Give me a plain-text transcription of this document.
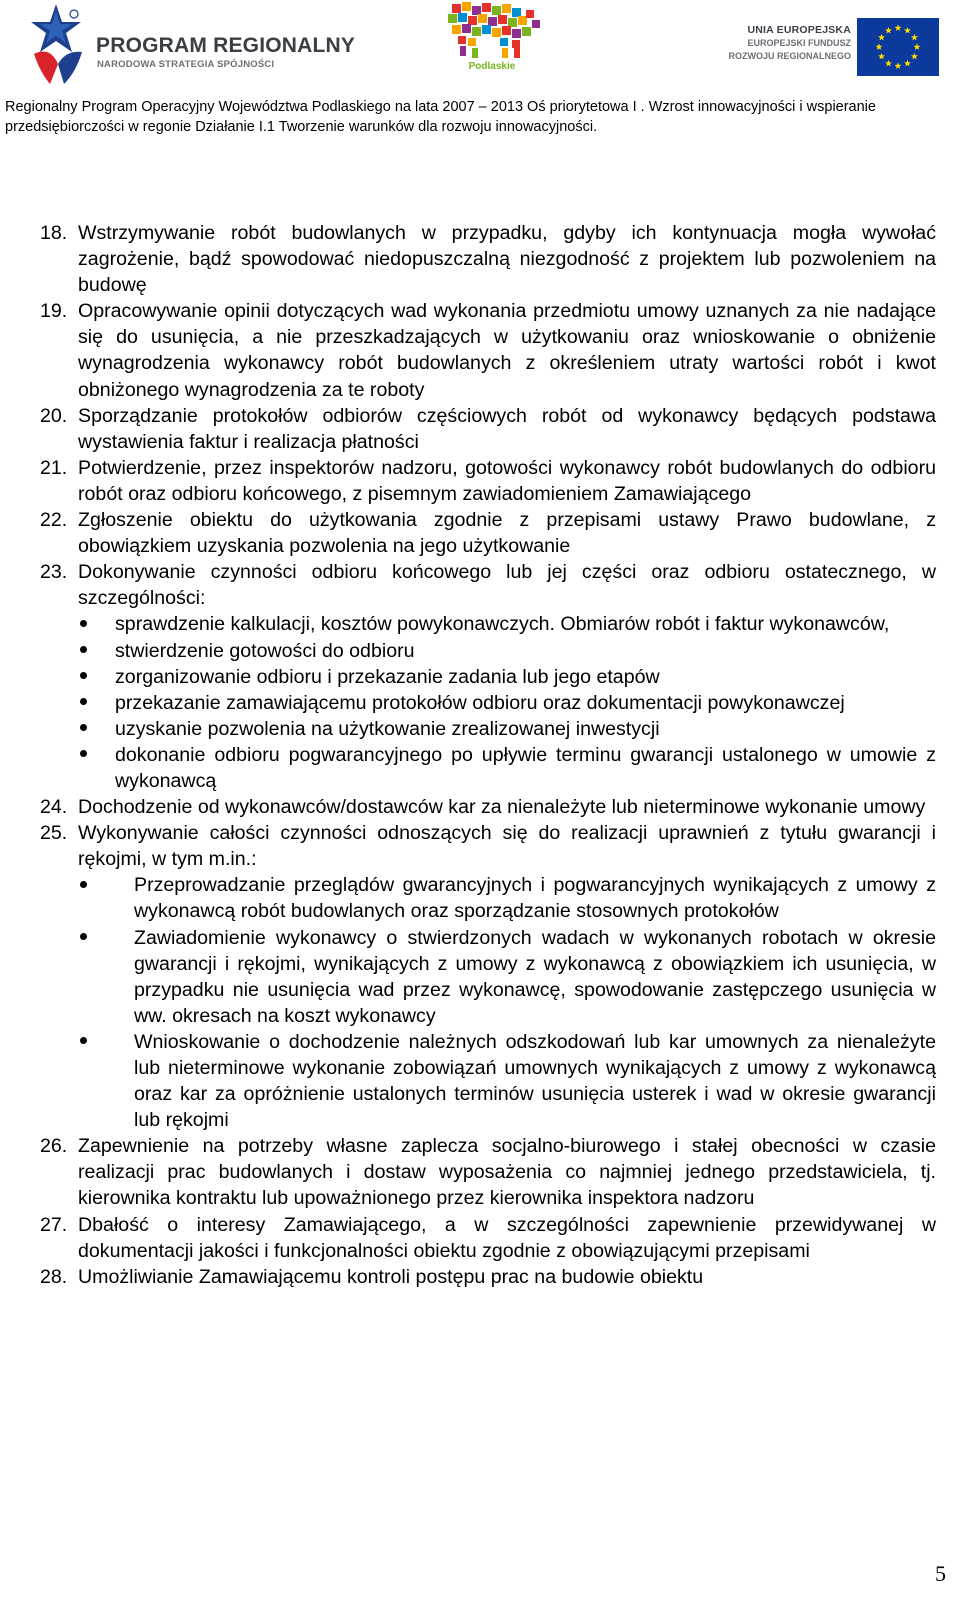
PROGRAM REGIONALNY
NARODOWA STRATEGIA SPÓJNOŚCI	Podlaskie
UNIA EUROPEJSKA
EUROPEJSKI FUNDUSZ
ROZWOJU REGIONALNEGO
Regionalny Program Operacyjny Województwa Podlaskiego na lata 2007 – 2013 Oś priorytetowa I . Wzrost innowacyjności i wspieranie przedsiębiorczości w regonie Działanie I.1 Tworzenie warunków dla rozwoju innowacyjności.
18. Wstrzymywanie robót budowlanych w przypadku, gdyby ich kontynuacja mogła wywołać zagrożenie, bądź spowodować niedopuszczalną niezgodność z projektem lub pozwoleniem na budowę
19. Opracowywanie opinii dotyczących wad wykonania przedmiotu umowy uznanych za nie nadające się do usunięcia, a nie przeszkadzających w użytkowaniu oraz wnioskowanie o obniżenie wynagrodzenia wykonawcy robót budowlanych z określeniem utraty wartości robót i kwot obniżonego wynagrodzenia za te roboty
20. Sporządzanie protokołów odbiorów częściowych robót od wykonawcy będących podstawa wystawienia faktur i realizacja płatności
21. Potwierdzenie, przez inspektorów nadzoru, gotowości wykonawcy robót budowlanych do odbioru robót oraz odbioru końcowego, z pisemnym zawiadomieniem Zamawiającego
22. Zgłoszenie obiektu do użytkowania zgodnie z przepisami ustawy Prawo budowlane, z obowiązkiem uzyskania pozwolenia na jego użytkowanie
23. Dokonywanie czynności odbioru końcowego lub jej części oraz odbioru ostatecznego, w szczególności:
sprawdzenie kalkulacji, kosztów powykonawczych. Obmiarów robót i faktur wykonawców,
stwierdzenie gotowości do odbioru
zorganizowanie odbioru i przekazanie zadania lub jego etapów
przekazanie zamawiającemu protokołów odbioru oraz dokumentacji powykonawczej
uzyskanie pozwolenia na użytkowanie zrealizowanej inwestycji
dokonanie odbioru pogwarancyjnego po upływie terminu gwarancji ustalonego w umowie z wykonawcą
24. Dochodzenie od wykonawców/dostawców kar za nienależyte lub nieterminowe wykonanie umowy
25. Wykonywanie całości czynności odnoszących się do realizacji uprawnień z tytułu gwarancji i rękojmi, w tym m.in.:
Przeprowadzanie przeglądów gwarancyjnych i pogwarancyjnych wynikających z umowy z wykonawcą robót budowlanych oraz sporządzanie stosownych protokołów
Zawiadomienie wykonawcy o stwierdzonych wadach w wykonanych robotach w okresie gwarancji i rękojmi, wynikających z umowy z wykonawcą z obowiązkiem ich usunięcia, w przypadku nie usunięcia wad przez wykonawcę, spowodowanie zastępczego usunięcia w ww. okresach na koszt wykonawcy
Wnioskowanie o dochodzenie należnych odszkodowań lub kar umownych za nienależyte lub nieterminowe wykonanie zobowiązań umownych wynikających z umowy z wykonawcą oraz kar za opróżnienie ustalonych terminów usunięcia usterek i wad w okresie gwarancji lub rękojmi
26. Zapewnienie na potrzeby własne zaplecza socjalno-biurowego i stałej obecności w czasie realizacji prac budowlanych i dostaw wyposażenia co najmniej jednego przedstawiciela, tj. kierownika kontraktu lub upoważnionego przez kierownika inspektora nadzoru
27. Dbałość o interesy Zamawiającego, a w szczególności zapewnienie przewidywanej w dokumentacji jakości i funkcjonalności obiektu zgodnie z obowiązującymi przepisami
28. Umożliwianie Zamawiającemu kontroli postępu prac na budowie obiektu
5
